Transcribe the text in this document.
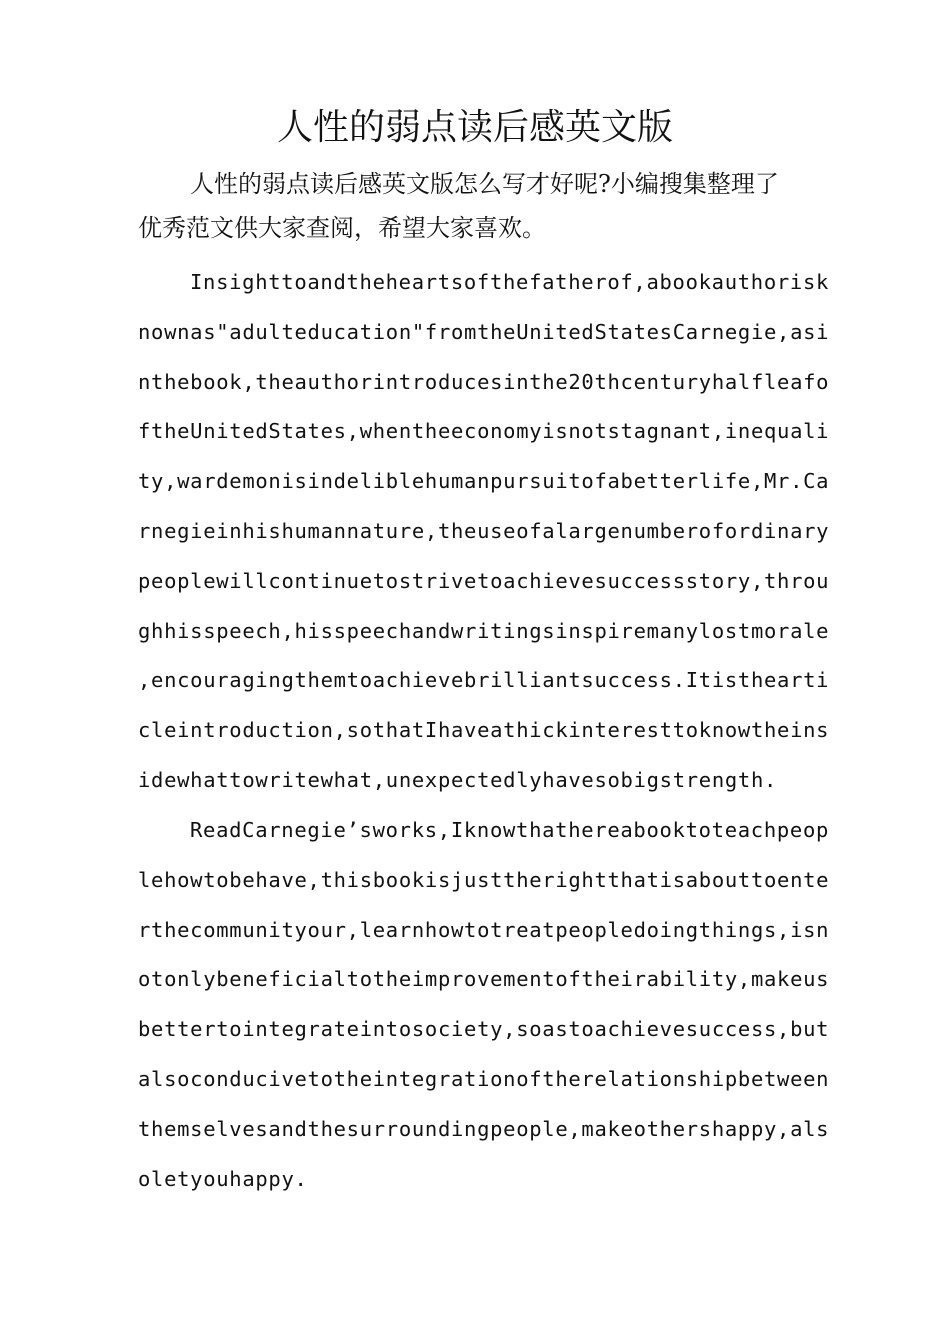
人性的弱点读后感英文版

人性的弱点读后感英文版怎么写才好呢?小编搜集整理了
优秀范文供大家查阅，希望大家喜欢。

Insighttoandtheheartsofthefatherof,abookauthorisk
nownas"adulteducation"fromtheUnitedStatesCarnegie,asi
nthebook,theauthorintroducesinthe20thcenturyhalfleafo
ftheUnitedStates,whentheeconomyisnotstagnant,inequali
ty,wardemonisindeliblehumanpursuitofabetterlife,Mr.Ca
rnegieinhishumannature,theuseofalargenumberofordinary
peoplewillcontinuetostrivetoachievesuccessstory,throu
ghhisspeech,hisspeechandwritingsinspiremanylostmorale
,encouragingthemtoachievebrilliantsuccess.Itisthearti
cleintroduction,sothatIhaveathickinteresttoknowtheins
idewhattowritewhat,unexpectedlyhavesobigstrength.

ReadCarnegie’sworks,Iknowthathereabooktoteachpeop
lehowtobehave,thisbookisjusttherightthatisabouttoente
rthecommunityour,learnhowtotreatpeopledoingthings,isn
otonlybeneficialtotheimprovementoftheirability,makeus
bettertointegrateintosociety,soastoachievesuccess,but
alsoconducivetotheintegrationoftherelationshipbetween
themselvesandthesurroundingpeople,makeothershappy,als
oletyouhappy.
